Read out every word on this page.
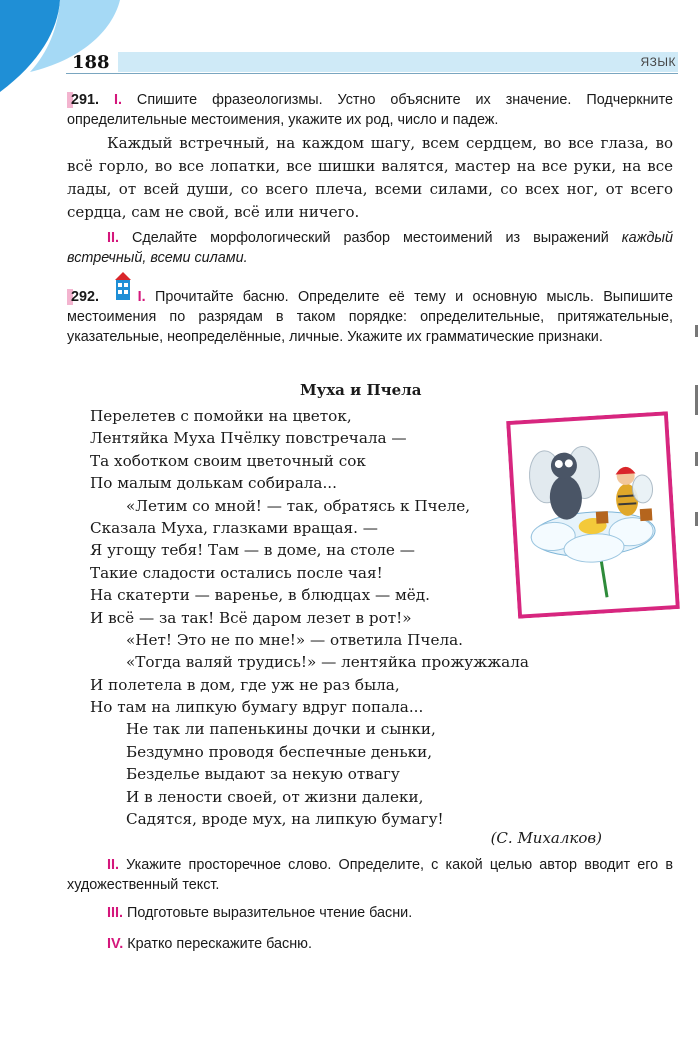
188	ЯЗЫК
291. I. Спишите фразеологизмы. Устно объясните их значение. Подчеркните определительные местоимения, укажите их род, число и падеж.
Каждый встречный, на каждом шагу, всем сердцем, во все глаза, во всё горло, во все лопатки, все шишки валятся, мастер на все руки, на все лады, от всей души, со всего плеча, всеми силами, со всех ног, от всего сердца, сам не свой, всё или ничего.
II. Сделайте морфологический разбор местоимений из выражений каждый встречный, всеми силами.
292.	I. Прочитайте басню. Определите её тему и основную мысль. Выпишите местоимения по разрядам в таком порядке: определительные, притяжательные, указательные, неопределённые, личные. Укажите их грамматические признаки.
Муха и Пчела
Перелетев с помойки на цветок,
Лентяйка Муха Пчёлку повстречала —
Та хоботком своим цветочный сок
По малым долькам собирала...
«Летим со мной! — так, обратясь к Пчеле,
Сказала Муха, глазками вращая. —
Я угощу тебя! Там — в доме, на столе —
Такие сладости остались после чая!
На скатерти — варенье, в блюдцах — мёд.
И всё — за так! Всё даром лезет в рот!»
«Нет! Это не по мне!» — ответила Пчела.
«Тогда валяй трудись!» — лентяйка прожужжала
И полетела в дом, где уж не раз была,
Но там на липкую бумагу вдруг попала...
Не так ли папенькины дочки и сынки,
Бездумно проводя беспечные деньки,
Безделье выдают за некую отвагу
И в лености своей, от жизни далеки,
Садятся, вроде мух, на липкую бумагу!
(С. Михалков)
II. Укажите просторечное слово. Определите, с какой целью автор вводит его в художественный текст.
III. Подготовьте выразительное чтение басни.
IV. Кратко перескажите басню.
